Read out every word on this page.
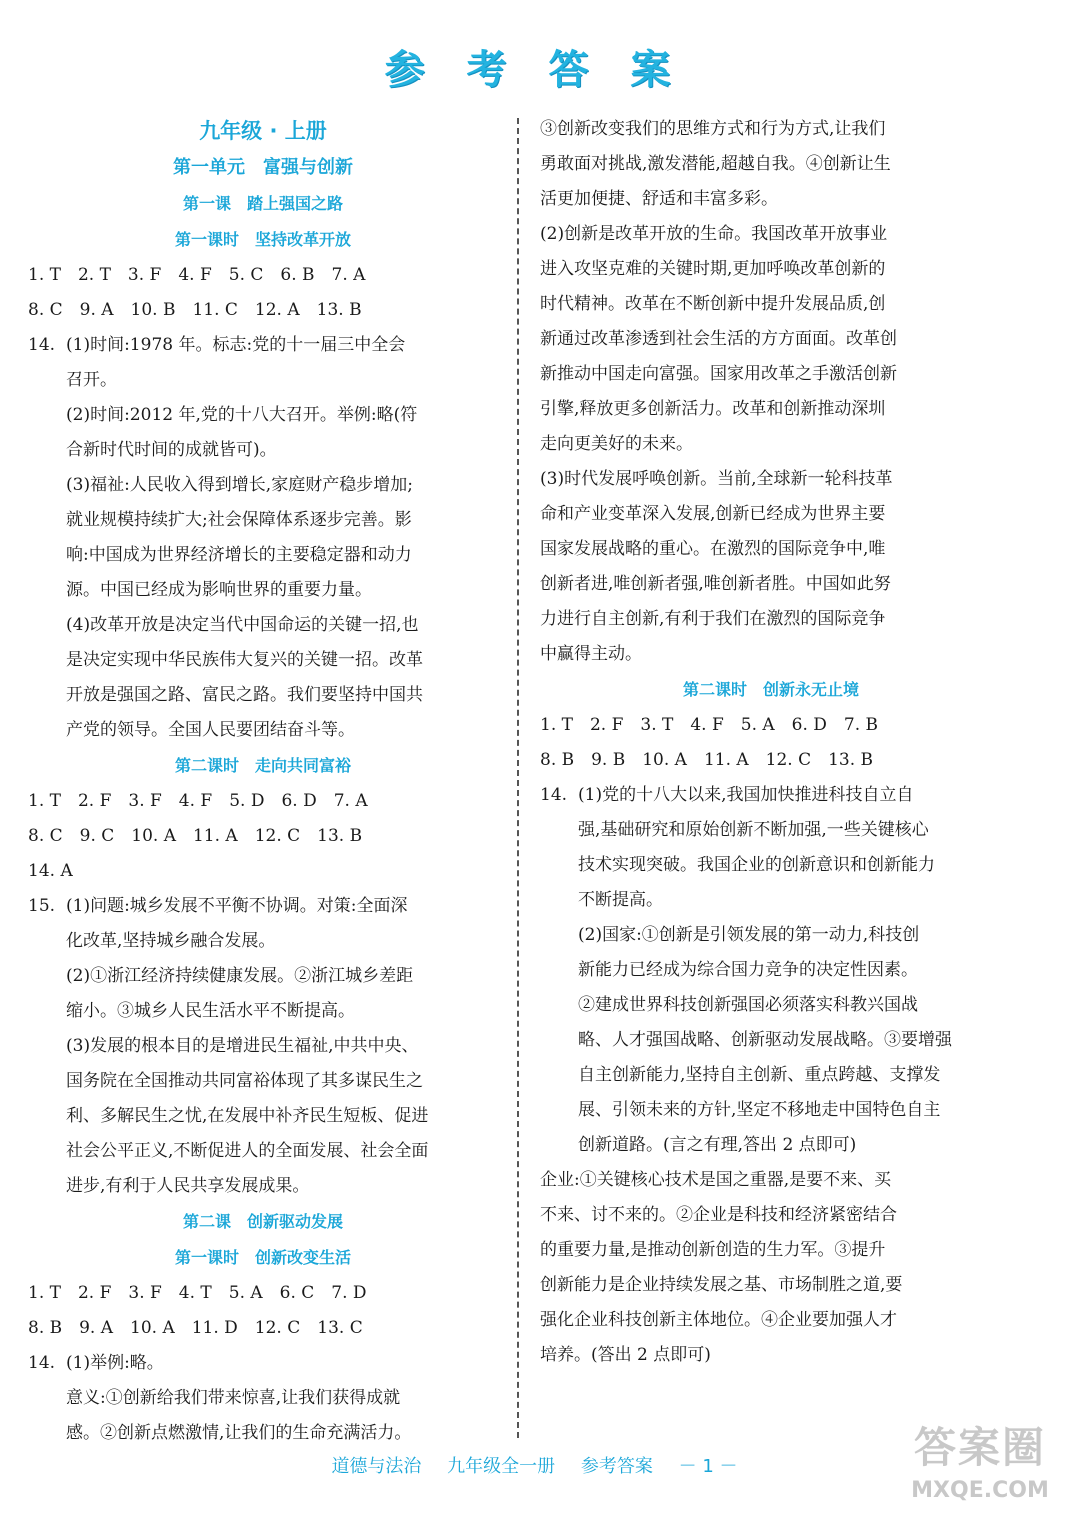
参 考 答 案

九年级 · 上册

第一单元　富强与创新

第一课　踏上强国之路

第一课时　坚持改革开放

1. T　2. T　3. F　4. F　5. C　6. B　7. A

8. C　9. A　10. B　11. C　12. A　13. B

14. (1)时间:1978 年。标志:党的十一届三中全会

召开。

(2)时间:2012 年,党的十八大召开。举例:略(符

合新时代时间的成就皆可)。

(3)福祉:人民收入得到增长,家庭财产稳步增加;

就业规模持续扩大;社会保障体系逐步完善。影

响:中国成为世界经济增长的主要稳定器和动力

源。中国已经成为影响世界的重要力量。

(4)改革开放是决定当代中国命运的关键一招,也

是决定实现中华民族伟大复兴的关键一招。改革

开放是强国之路、富民之路。我们要坚持中国共

产党的领导。全国人民要团结奋斗等。

第二课时　走向共同富裕

1. T　2. F　3. F　4. F　5. D　6. D　7. A

8. C　9. C　10. A　11. A　12. C　13. B

14. A

15. (1)问题:城乡发展不平衡不协调。对策:全面深

化改革,坚持城乡融合发展。

(2)①浙江经济持续健康发展。②浙江城乡差距

缩小。③城乡人民生活水平不断提高。

(3)发展的根本目的是增进民生福祉,中共中央、

国务院在全国推动共同富裕体现了其多谋民生之

利、多解民生之忧,在发展中补齐民生短板、促进

社会公平正义,不断促进人的全面发展、社会全面

进步,有利于人民共享发展成果。

第二课　创新驱动发展

第一课时　创新改变生活

1. T　2. F　3. F　4. T　5. A　6. C　7. D

8. B　9. A　10. A　11. D　12. C　13. C

14. (1)举例:略。

意义:①创新给我们带来惊喜,让我们获得成就

感。②创新点燃激情,让我们的生命充满活力。

③创新改变我们的思维方式和行为方式,让我们

勇敢面对挑战,激发潜能,超越自我。④创新让生

活更加便捷、舒适和丰富多彩。

(2)创新是改革开放的生命。我国改革开放事业

进入攻坚克难的关键时期,更加呼唤改革创新的

时代精神。改革在不断创新中提升发展品质,创

新通过改革渗透到社会生活的方方面面。改革创

新推动中国走向富强。国家用改革之手激活创新

引擎,释放更多创新活力。改革和创新推动深圳

走向更美好的未来。

(3)时代发展呼唤创新。当前,全球新一轮科技革

命和产业变革深入发展,创新已经成为世界主要

国家发展战略的重心。在激烈的国际竞争中,唯

创新者进,唯创新者强,唯创新者胜。中国如此努

力进行自主创新,有利于我们在激烈的国际竞争

中赢得主动。

第二课时　创新永无止境

1. T　2. F　3. T　4. F　5. A　6. D　7. B

8. B　9. B　10. A　11. A　12. C　13. B

14. (1)党的十八大以来,我国加快推进科技自立自

强,基础研究和原始创新不断加强,一些关键核心

技术实现突破。我国企业的创新意识和创新能力

不断提高。

(2)国家:①创新是引领发展的第一动力,科技创

新能力已经成为综合国力竞争的决定性因素。

②建成世界科技创新强国必须落实科教兴国战

略、人才强国战略、创新驱动发展战略。③要增强

自主创新能力,坚持自主创新、重点跨越、支撑发

展、引领未来的方针,坚定不移地走中国特色自主

创新道路。(言之有理,答出 2 点即可)

企业:①关键核心技术是国之重器,是要不来、买

不来、讨不来的。②企业是科技和经济紧密结合

的重要力量,是推动创新创造的生力军。③提升

创新能力是企业持续发展之基、市场制胜之道,要

强化企业科技创新主体地位。④企业要加强人才

培养。(答出 2 点即可)

道德与法治 九年级全一册 参考答案 － 1 －	答案圈
MXQE.COM
